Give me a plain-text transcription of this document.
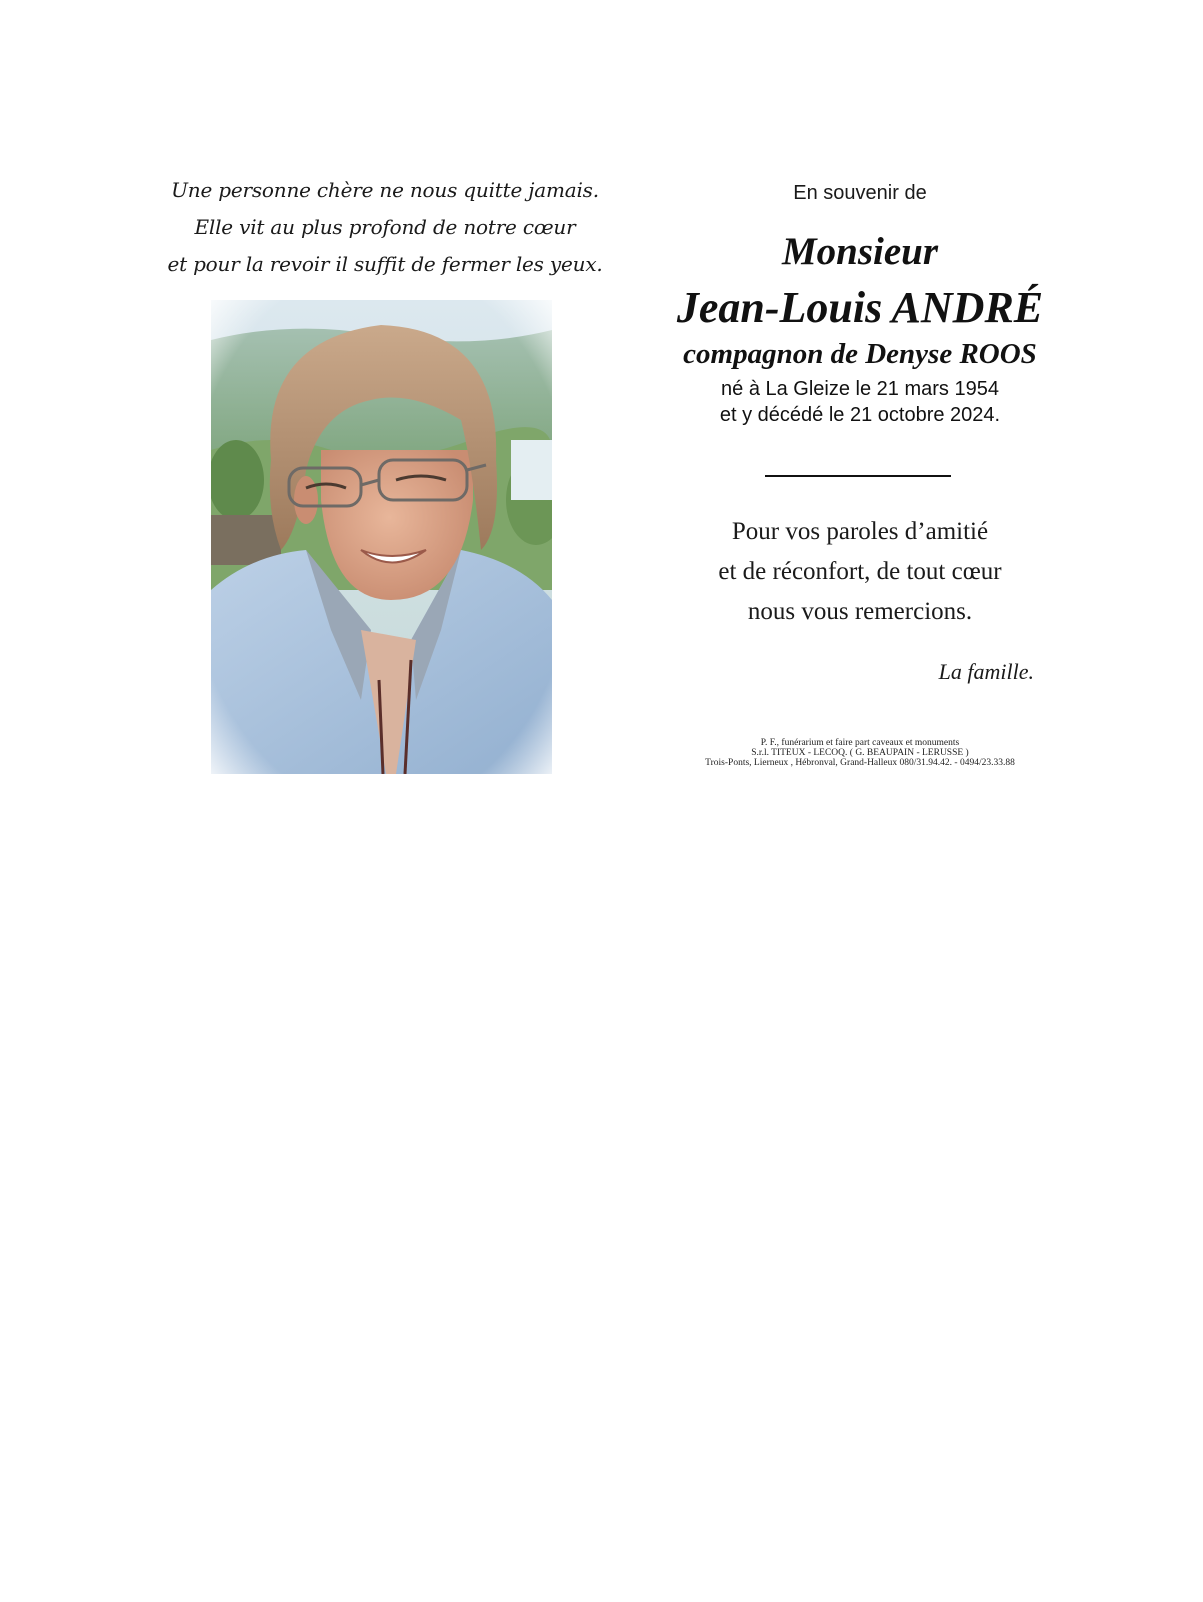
Une personne chère ne nous quitte jamais.
Elle vit au plus profond de notre cœur
et pour la revoir il suffit de fermer les yeux.
En souvenir de
Monsieur
Jean-Louis ANDRÉ
compagnon de Denyse ROOS
né à La Gleize le 21 mars 1954
et y décédé le 21 octobre 2024.
Pour vos paroles d’amitié
et de réconfort, de tout cœur
nous vous remercions.
La famille.
P. F., funérarium et faire part caveaux et monuments
S.r.l. TITEUX - LECOQ. ( G. BEAUPAIN - LERUSSE )
Trois-Ponts, Lierneux , Hébronval, Grand-Halleux 080/31.94.42. - 0494/23.33.88
